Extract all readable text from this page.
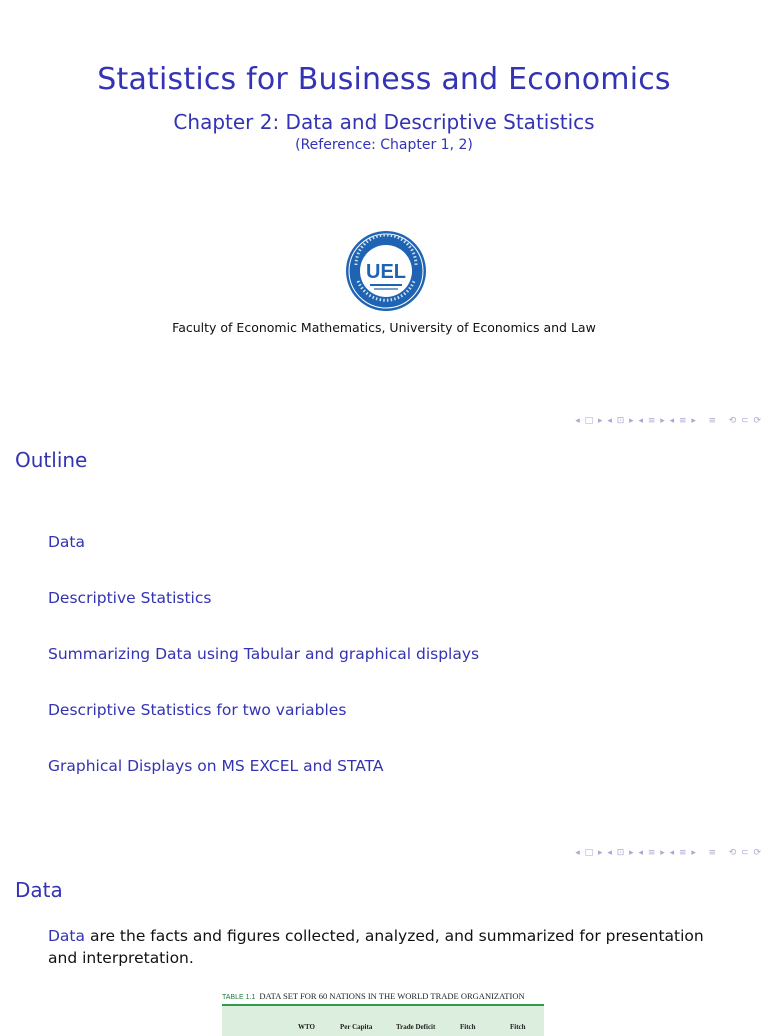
Statistics for Business and Economics
Chapter 2: Data and Descriptive Statistics
(Reference: Chapter 1, 2)
UEL
Faculty of Economic Mathematics, University of Economics and Law
◂ □ ▸ ◂ ⊡ ▸ ◂ ≡ ▸ ◂ ≡ ▸   ≡   ⟲ ⊂ ⟳
Outline
Data
Descriptive Statistics
Summarizing Data using Tabular and graphical displays
Descriptive Statistics for two variables
Graphical Displays on MS EXCEL and STATA
◂ □ ▸ ◂ ⊡ ▸ ◂ ≡ ▸ ◂ ≡ ▸   ≡   ⟲ ⊂ ⟳
Data
Data are the facts and figures collected, analyzed, and summarized for presentation and interpretation.
TABLE 1.1 DATA SET FOR 60 NATIONS IN THE WORLD TRADE ORGANIZATION
WTO	Per Capita	Trade Deficit	Fitch	Fitch
